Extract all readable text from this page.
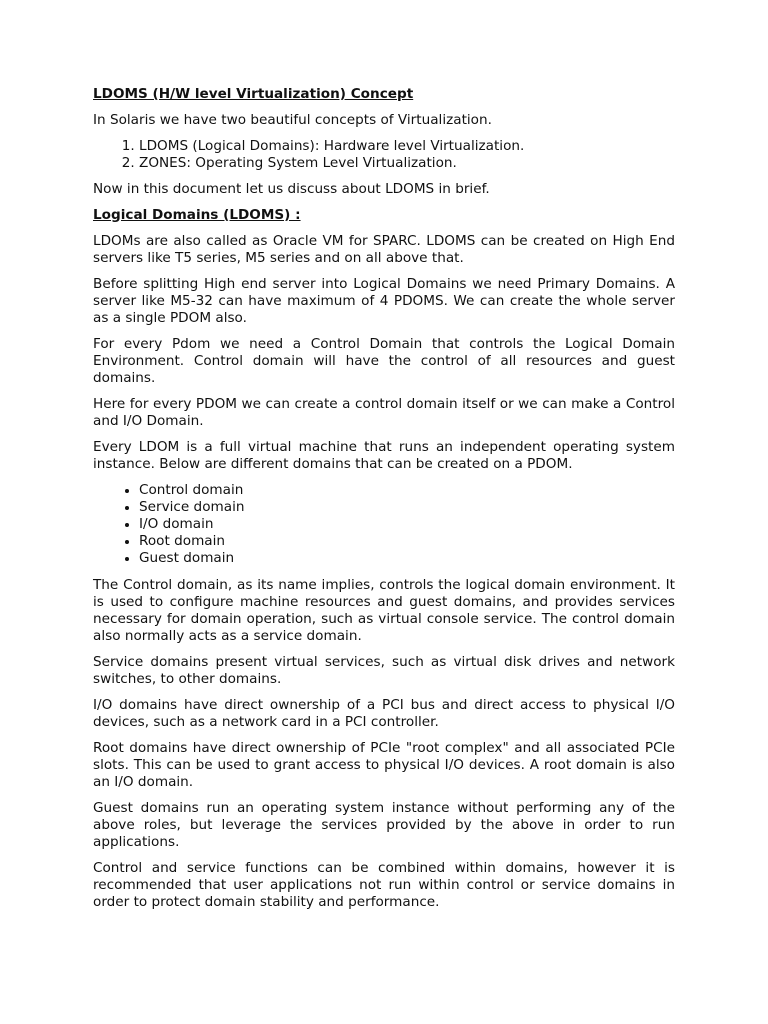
LDOMS (H/W level Virtualization) Concept

In Solaris we have two beautiful concepts of Virtualization.

1. LDOMS (Logical Domains): Hardware level Virtualization.
2. ZONES: Operating System Level Virtualization.

Now in this document let us discuss about LDOMS in brief.

Logical Domains (LDOMS) :

LDOMs are also called as Oracle VM for SPARC. LDOMS can be created on High End servers like T5 series, M5 series and on all above that.

Before splitting High end server into Logical Domains we need Primary Domains. A server like M5-32 can have maximum of 4 PDOMS. We can create the whole server as a single PDOM also.

For every Pdom we need a Control Domain that controls the Logical Domain Environment. Control domain will have the control of all resources and guest domains.

Here for every PDOM we can create a control domain itself or we can make a Control and I/O Domain.

Every LDOM is a full virtual machine that runs an independent operating system instance. Below are different domains that can be created on a PDOM.

• Control domain
• Service domain
• I/O domain
• Root domain
• Guest domain

The Control domain, as its name implies, controls the logical domain environment. It is used to configure machine resources and guest domains, and provides services necessary for domain operation, such as virtual console service. The control domain also normally acts as a service domain.

Service domains present virtual services, such as virtual disk drives and network switches, to other domains.

I/O domains have direct ownership of a PCI bus and direct access to physical I/O devices, such as a network card in a PCI controller.

Root domains have direct ownership of PCIe "root complex" and all associated PCIe slots. This can be used to grant access to physical I/O devices. A root domain is also an I/O domain.

Guest domains run an operating system instance without performing any of the above roles, but leverage the services provided by the above in order to run applications.

Control and service functions can be combined within domains, however it is recommended that user applications not run within control or service domains in order to protect domain stability and performance.
